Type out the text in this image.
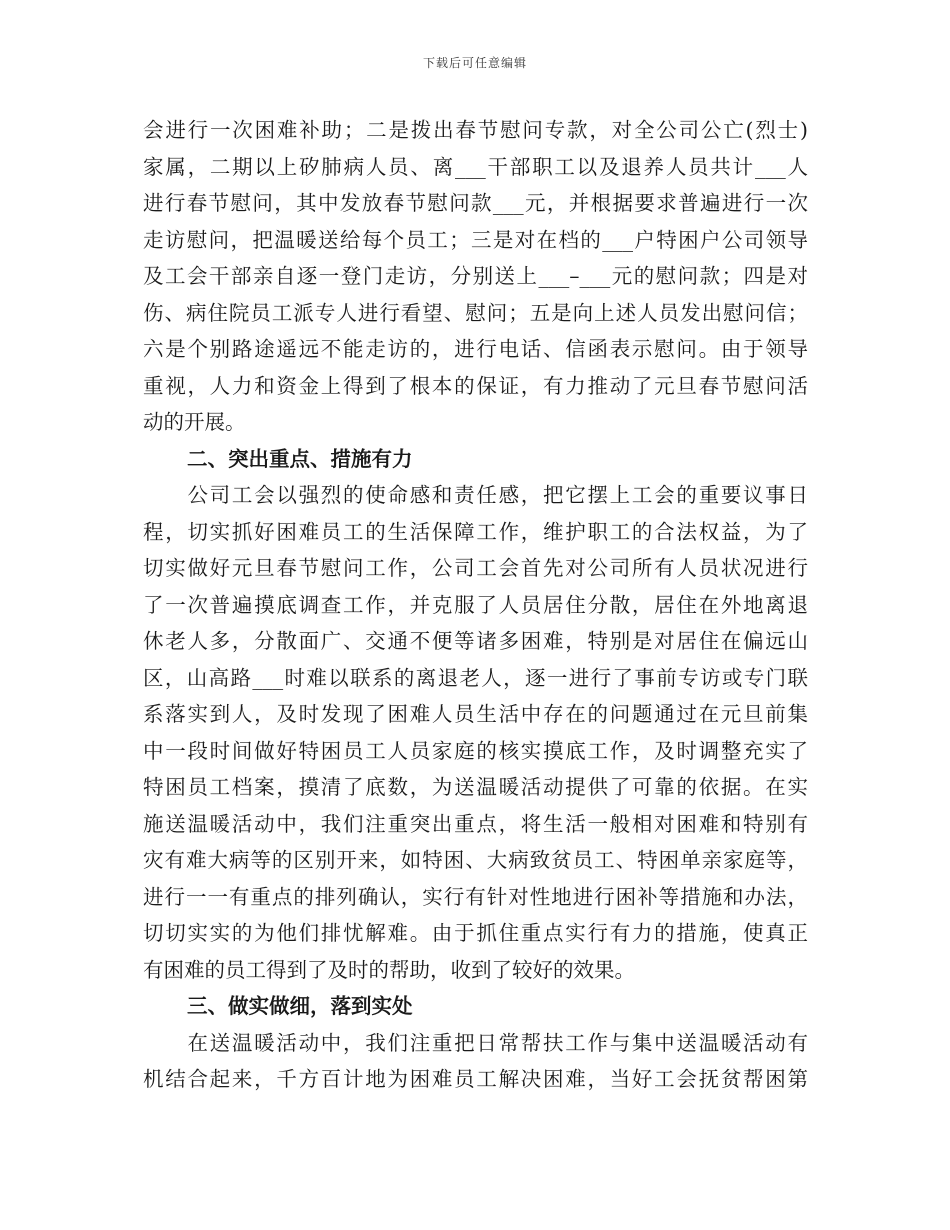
下载后可任意编辑
会进行一次困难补助；二是拨出春节慰问专款，对全公司公亡(烈士)
家属，二期以上矽肺病人员、离___干部职工以及退养人员共计___人
进行春节慰问，其中发放春节慰问款___元，并根据要求普遍进行一次
走访慰问，把温暖送给每个员工；三是对在档的___户特困户公司领导
及工会干部亲自逐一登门走访，分别送上___–___元的慰问款；四是对
伤、病住院员工派专人进行看望、慰问；五是向上述人员发出慰问信；
六是个别路途遥远不能走访的，进行电话、信函表示慰问。由于领导
重视，人力和资金上得到了根本的保证，有力推动了元旦春节慰问活
动的开展。
二、突出重点、措施有力
　　公司工会以强烈的使命感和责任感，把它摆上工会的重要议事日
程，切实抓好困难员工的生活保障工作，维护职工的合法权益，为了
切实做好元旦春节慰问工作，公司工会首先对公司所有人员状况进行
了一次普遍摸底调查工作，并克服了人员居住分散，居住在外地离退
休老人多，分散面广、交通不便等诸多困难，特别是对居住在偏远山
区，山高路___时难以联系的离退老人，逐一进行了事前专访或专门联
系落实到人，及时发现了困难人员生活中存在的问题通过在元旦前集
中一段时间做好特困员工人员家庭的核实摸底工作，及时调整充实了
特困员工档案，摸清了底数，为送温暖活动提供了可靠的依据。在实
施送温暖活动中，我们注重突出重点，将生活一般相对困难和特别有
灾有难大病等的区别开来，如特困、大病致贫员工、特困单亲家庭等，
进行一一有重点的排列确认，实行有针对性地进行困补等措施和办法，
切切实实的为他们排忧解难。由于抓住重点实行有力的措施，使真正
有困难的员工得到了及时的帮助，收到了较好的效果。
三、做实做细，落到实处
　　在送温暖活动中，我们注重把日常帮扶工作与集中送温暖活动有
机结合起来，千方百计地为困难员工解决困难，当好工会抚贫帮困第
